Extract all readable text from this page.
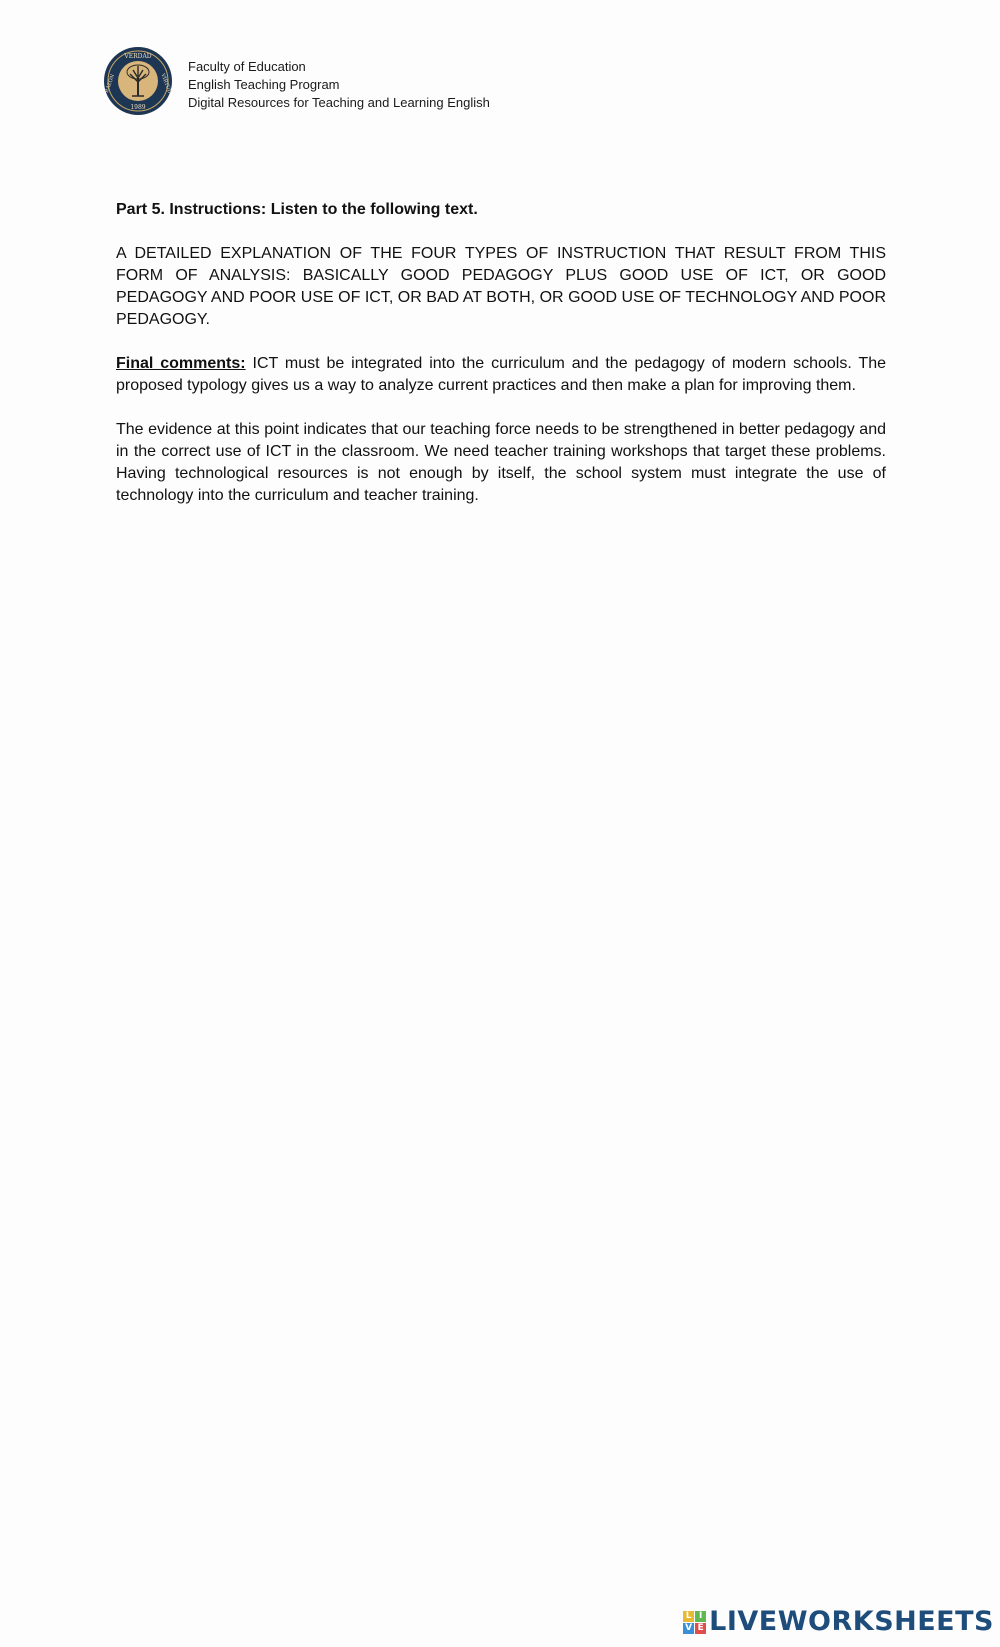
VERDAD
RAZÓN	VIRTUD
1989
Faculty of Education
English Teaching Program
Digital Resources for Teaching and Learning English

Part 5. Instructions: Listen to the following text.

A DETAILED EXPLANATION OF THE FOUR TYPES OF INSTRUCTION THAT RESULT FROM THIS FORM OF ANALYSIS: BASICALLY GOOD PEDAGOGY PLUS GOOD USE OF ICT, OR GOOD PEDAGOGY AND POOR USE OF ICT, OR BAD AT BOTH, OR GOOD USE OF TECHNOLOGY AND POOR PEDAGOGY.

Final comments: ICT must be integrated into the curriculum and the pedagogy of modern schools. The proposed typology gives us a way to analyze current practices and then make a plan for improving them.

The evidence at this point indicates that our teaching force needs to be strengthened in better pedagogy and in the correct use of ICT in the classroom. We need teacher training workshops that target these problems. Having technological resources is not enough by itself, the school system must integrate the use of technology into the curriculum and teacher training.

L I
V E LIVEWORKSHEETS
